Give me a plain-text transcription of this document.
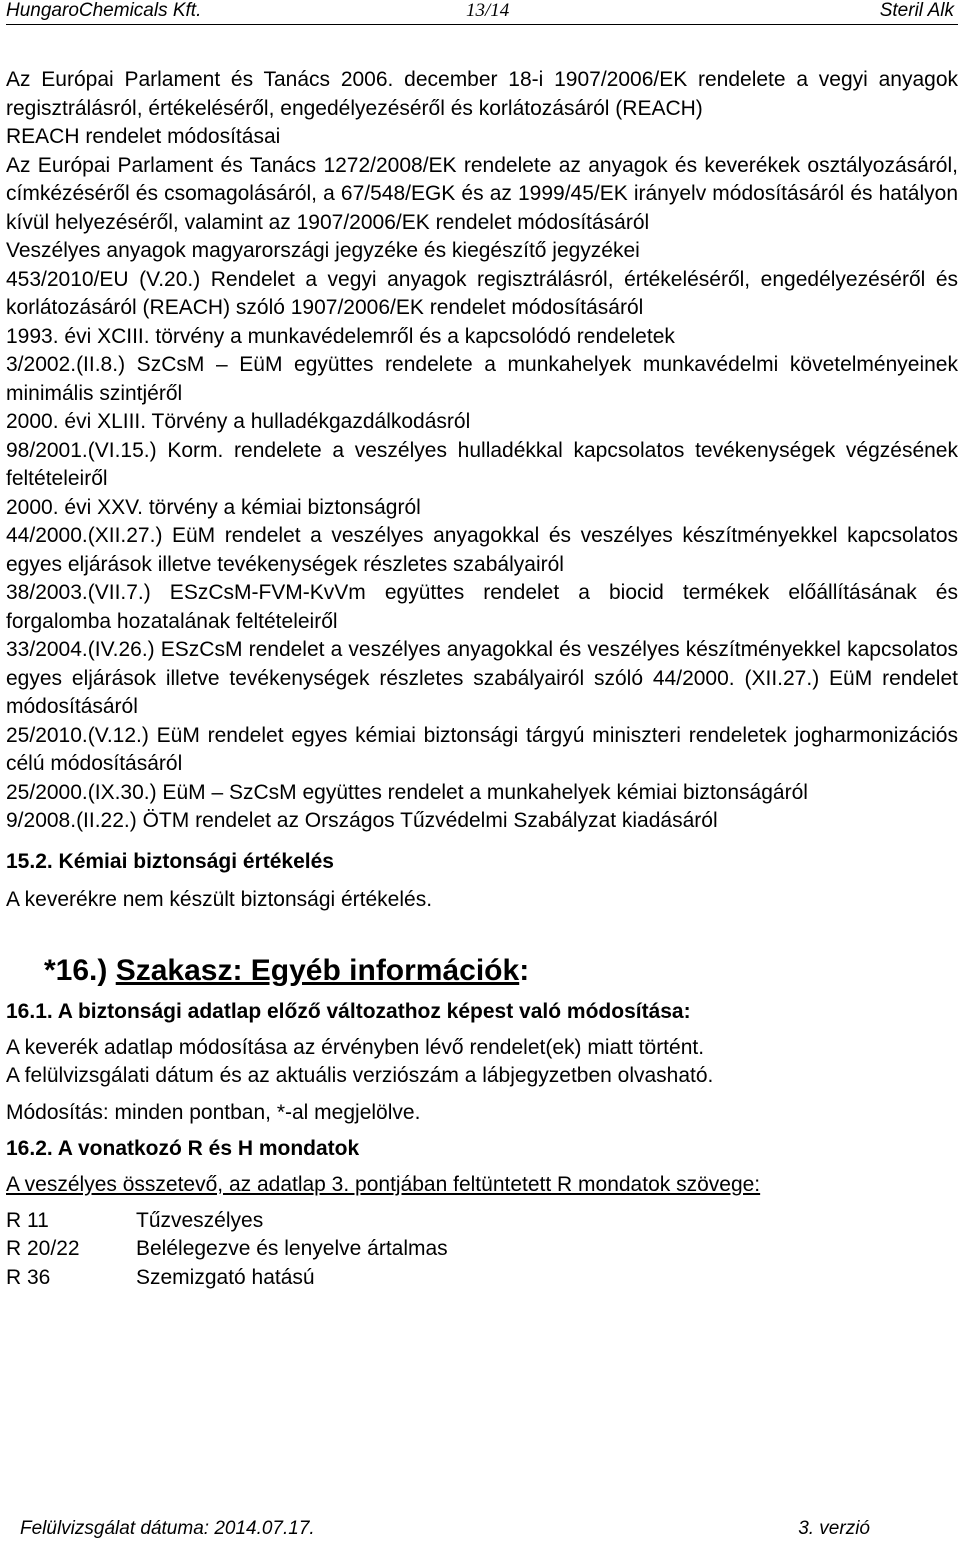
HungaroChemicals Kft.	13/14	Steril Alk

Az Európai Parlament és Tanács 2006. december 18-i 1907/2006/EK rendelete a vegyi anyagok regisztrálásról, értékeléséről, engedélyezéséről és korlátozásáról (REACH)

REACH rendelet módosításai

Az Európai Parlament és Tanács 1272/2008/EK rendelete az anyagok és keverékek osztályozásáról, címkézéséről és csomagolásáról, a 67/548/EGK és az 1999/45/EK irányelv módosításáról és hatályon kívül helyezéséről, valamint az 1907/2006/EK rendelet módosításáról

Veszélyes anyagok magyarországi jegyzéke és kiegészítő jegyzékei

453/2010/EU (V.20.) Rendelet a vegyi anyagok regisztrálásról, értékeléséről, engedélyezéséről és korlátozásáról (REACH) szóló 1907/2006/EK rendelet módosításáról

1993. évi XCIII. törvény a munkavédelemről és a kapcsolódó rendeletek

3/2002.(II.8.) SzCsM – EüM együttes rendelete a munkahelyek munkavédelmi követelményeinek minimális szintjéről

2000. évi XLIII. Törvény a hulladékgazdálkodásról

98/2001.(VI.15.) Korm. rendelete a veszélyes hulladékkal kapcsolatos tevékenységek végzésének feltételeiről

2000. évi XXV. törvény a kémiai biztonságról

44/2000.(XII.27.) EüM rendelet a veszélyes anyagokkal és veszélyes készítményekkel kapcsolatos egyes eljárások illetve tevékenységek részletes szabályairól

38/2003.(VII.7.) ESzCsM-FVM-KvVm együttes rendelet a biocid termékek előállításának és forgalomba hozatalának feltételeiről

33/2004.(IV.26.) ESzCsM rendelet a veszélyes anyagokkal és veszélyes készítményekkel kapcsolatos egyes eljárások illetve tevékenységek részletes szabályairól szóló 44/2000. (XII.27.) EüM rendelet módosításáról

25/2010.(V.12.) EüM rendelet egyes kémiai biztonsági tárgyú miniszteri rendeletek jogharmonizációs célú módosításáról

25/2000.(IX.30.) EüM – SzCsM együttes rendelet a munkahelyek kémiai biztonságáról

9/2008.(II.22.) ÖTM rendelet az Országos Tűzvédelmi Szabályzat kiadásáról

15.2. Kémiai biztonsági értékelés

A keverékre nem készült biztonsági értékelés.

*16.) Szakasz: Egyéb információk:

16.1. A biztonsági adatlap előző változathoz képest való módosítása:

A keverék adatlap módosítása az érvényben lévő rendelet(ek) miatt történt.

A felülvizsgálati dátum és az aktuális verziószám a lábjegyzetben olvasható.

Módosítás: minden pontban, *-al megjelölve.

16.2. A vonatkozó R és H mondatok

A veszélyes összetevő, az adatlap 3. pontjában feltüntetett R mondatok szövege:

R 11	Tűzveszélyes
R 20/22	Belélegezve és lenyelve ártalmas
R 36	Szemizgató hatású
Felülvizsgálat dátuma: 2014.07.17.	3. verzió
